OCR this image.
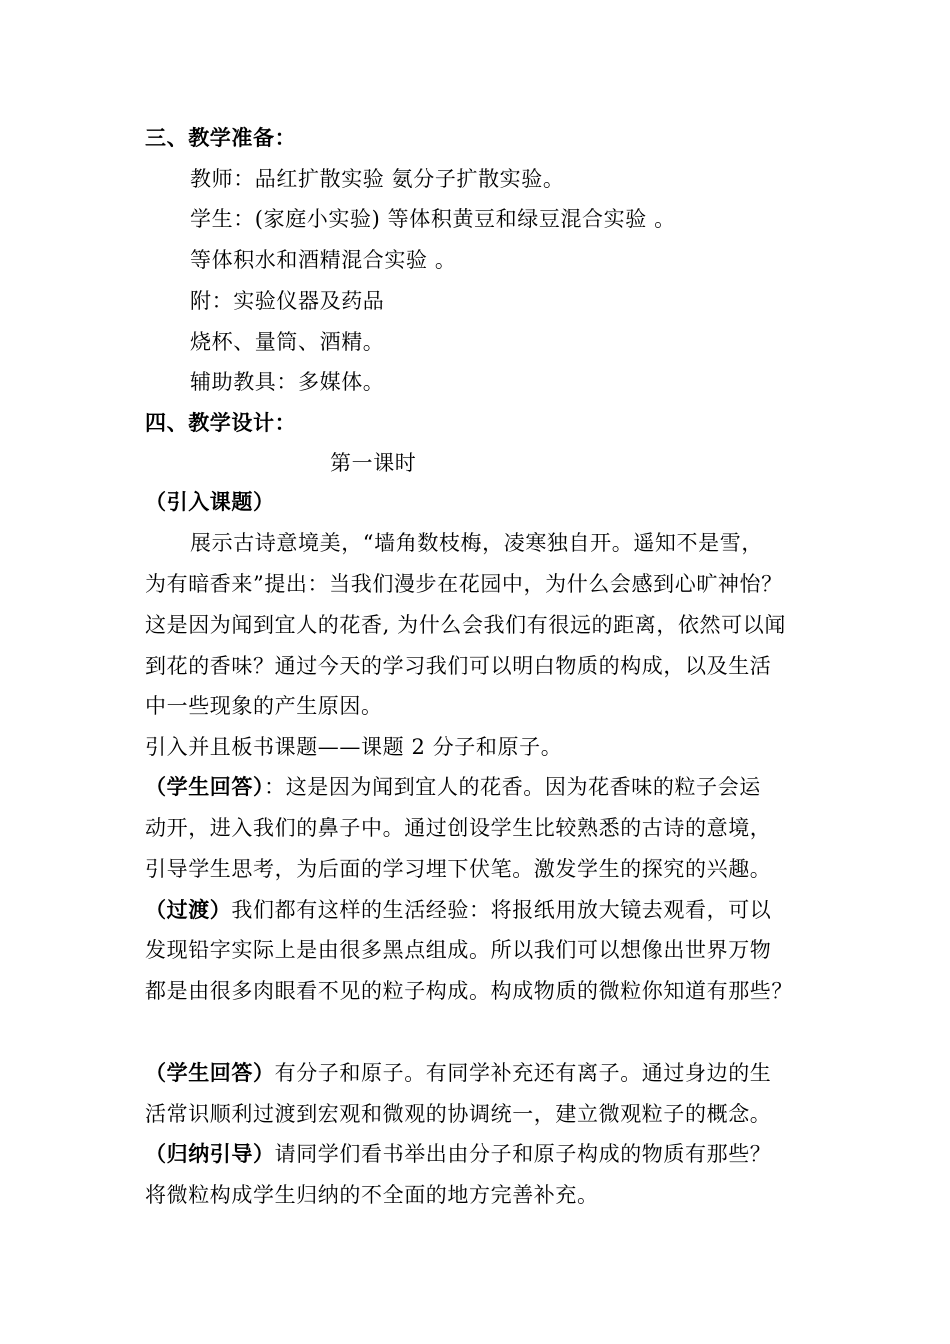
三、教学准备：
教师：品红扩散实验 氨分子扩散实验。
学生：(家庭小实验) 等体积黄豆和绿豆混合实验 。
等体积水和酒精混合实验 。
附：实验仪器及药品
烧杯、量筒、酒精。
辅助教具：多媒体。
四、教学设计：
第一课时
（引入课题）
展示古诗意境美，“墙角数枝梅，凌寒独自开。遥知不是雪，
为有暗香来”提出：当我们漫步在花园中，为什么会感到心旷神怡？
这是因为闻到宜人的花香, 为什么会我们有很远的距离，依然可以闻
到花的香味？通过今天的学习我们可以明白物质的构成，以及生活
中一些现象的产生原因。
引入并且板书课题——课题 2 分子和原子。
（学生回答）：这是因为闻到宜人的花香。因为花香味的粒子会运
动开，进入我们的鼻子中。通过创设学生比较熟悉的古诗的意境，
引导学生思考，为后面的学习埋下伏笔。激发学生的探究的兴趣。
（过渡）我们都有这样的生活经验：将报纸用放大镜去观看，可以
发现铅字实际上是由很多黑点组成。所以我们可以想像出世界万物
都是由很多肉眼看不见的粒子构成。构成物质的微粒你知道有那些？
（学生回答）有分子和原子。有同学补充还有离子。通过身边的生
活常识顺利过渡到宏观和微观的协调统一，建立微观粒子的概念。
（归纳引导）请同学们看书举出由分子和原子构成的物质有那些？
将微粒构成学生归纳的不全面的地方完善补充。
